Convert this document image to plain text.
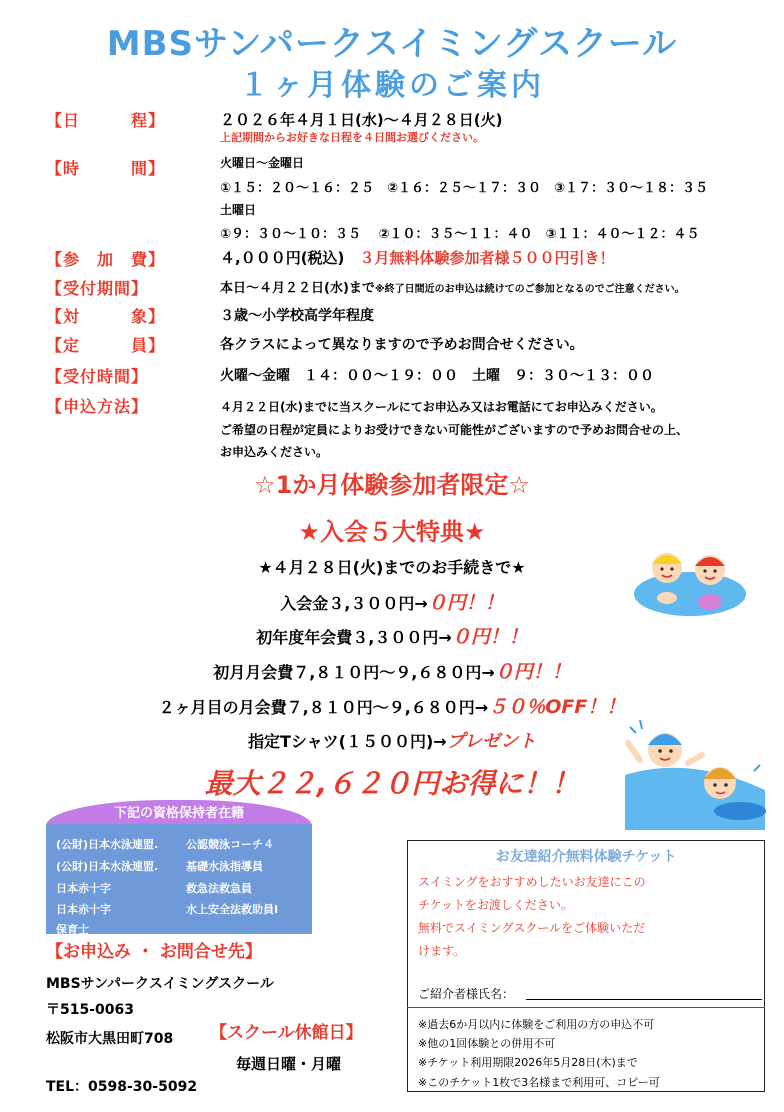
MBSサンパークスイミングスクール
１ヶ月体験のご案内
【日　　　程】	２０２６年４月１日(水)～４月２８日(火)
上記期間からお好きな日程を４日間お選びください。
【時　　　間】	火曜日～金曜日
①１５：２０～１６：２５　②１６：２５～１７：３０　③１７：３０～１８：３５
土曜日
①９：３０～１０：３５　 ②１０：３５～１１：４０　③１１：４０～１２：４５
【参　加　費】	４,０００円(税込)　 ３月無料体験参加者様５００円引き！
【受付期間】	本日～４月２２日(水)まで※終了日間近のお申込は続けてのご参加となるのでご注意ください。
【対　　　象】	３歳～小学校高学年程度
【定　　　員】	各クラスによって異なりますので予めお問合せください。
【受付時間】	火曜～金曜　１４：００～１９：００　土曜　９：３０～１３：００
【申込方法】	４月２２日(水)までに当スクールにてお申込み又はお電話にてお申込みください。
ご希望の日程が定員によりお受けできない可能性がございますので予めお問合せの上、
お申込みください。
☆1か月体験参加者限定☆
★入会５大特典★
★４月２８日(火)までのお手続きで★
入会金３,３００円→０円！！
初年度年会費３,３００円→０円！！
初月月会費７,８１０円～９,６８０円→０円！！
２ヶ月目の月会費７,８１０円～９,６８０円→５０％OFF！！
指定Tシャツ(１５００円)→プレゼント
最大２２,６２０円お得に！！
下記の資格保持者在籍
(公財)日本水泳連盟.	公認競泳コーチ４
(公財)日本水泳連盟.	基礎水泳指導員
日本赤十字	救急法救急員
日本赤十字	水上安全法救助員Ⅰ
保育士
【お申込み ・ お問合せ先】
MBSサンパークスイミングスクール
〒515-0063
松阪市大黒田町708
TEL：0598-30-5092
【スクール休館日】
毎週日曜・月曜
お友達紹介無料体験チケット
スイミングをおすすめしたいお友達にこの
チケットをお渡しください。
無料でスイミングスクールをご体験いただ
けます。
ご紹介者様氏名：
※過去6か月以内に体験をご利用の方の申込不可
※他の1回体験との併用不可
※チケット利用期限2026年5月28日(木)まで
※このチケット1枚で3名様まで利用可、コピー可
